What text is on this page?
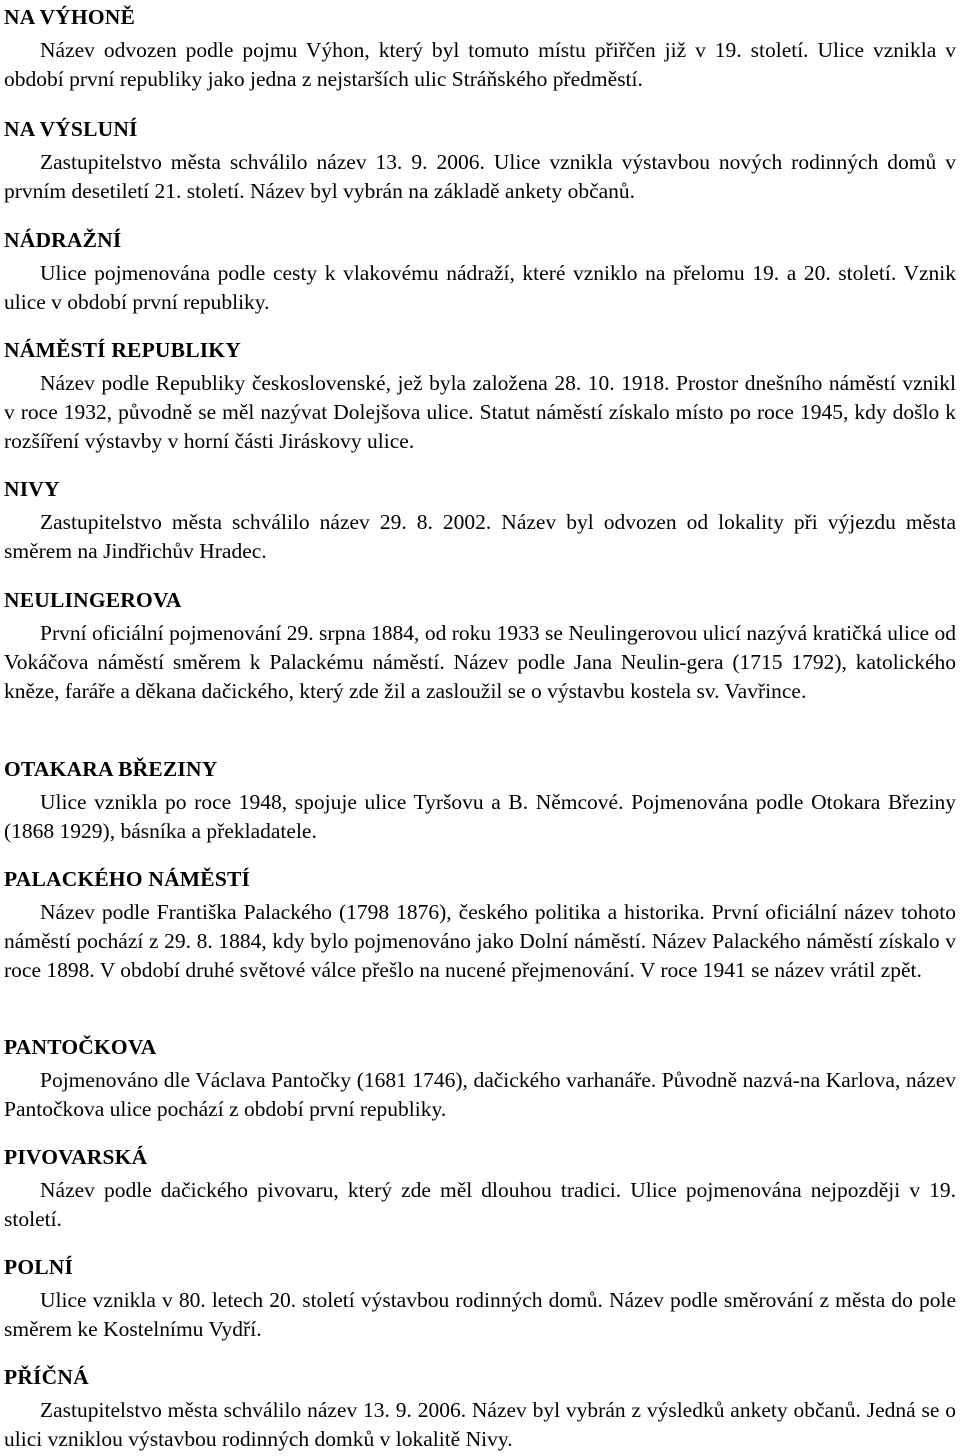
NA VÝHONĚ

Název odvozen podle pojmu Výhon, který byl tomuto místu přiřčen již v 19. století. Ulice vznikla v období první republiky jako jedna z nejstarších ulic Stráňského předměstí.

NA VÝSLUNÍ

Zastupitelstvo města schválilo název 13. 9. 2006. Ulice vznikla výstavbou nových rodinných domů v prvním desetiletí 21. století. Název byl vybrán na základě ankety občanů.

NÁDRAŽNÍ

Ulice pojmenována podle cesty k vlakovému nádraží, které vzniklo na přelomu 19. a 20. století. Vznik ulice v období první republiky.

NÁMĚSTÍ REPUBLIKY

Název podle Republiky československé, jež byla založena 28. 10. 1918. Prostor dnešního náměstí vznikl v roce 1932, původně se měl nazývat Dolejšova ulice. Statut náměstí získalo místo po roce 1945, kdy došlo k rozšíření výstavby v horní části Jiráskovy ulice.

NIVY

Zastupitelstvo města schválilo název 29. 8. 2002. Název byl odvozen od lokality při výjezdu města směrem na Jindřichův Hradec.

NEULINGEROVA

První oficiální pojmenování 29. srpna 1884, od roku 1933 se Neulingerovou ulicí nazývá kratičká ulice od Vokáčova náměstí směrem k Palackému náměstí. Název podle Jana Neulin-gera (1715 1792), katolického kněze, faráře a děkana dačického, který zde žil a zasloužil se o výstavbu kostela sv. Vavřince.

OTAKARA BŘEZINY

Ulice vznikla po roce 1948, spojuje ulice Tyršovu a B. Němcové. Pojmenována podle Otokara Březiny (1868 1929), básníka a překladatele.

PALACKÉHO NÁMĚSTÍ

Název podle Františka Palackého (1798 1876), českého politika a historika. První oficiální název tohoto náměstí pochází z 29. 8. 1884, kdy bylo pojmenováno jako Dolní náměstí. Název Palackého náměstí získalo v roce 1898. V období druhé světové válce přešlo na nucené přejmenování. V roce 1941 se název vrátil zpět.

PANTOČKOVA

Pojmenováno dle Václava Pantočky (1681 1746), dačického varhanáře. Původně nazvá-na Karlova, název Pantočkova ulice pochází z období první republiky.

PIVOVARSKÁ

Název podle dačického pivovaru, který zde měl dlouhou tradici. Ulice pojmenována nejpozději v 19. století.

POLNÍ

Ulice vznikla v 80. letech 20. století výstavbou rodinných domů. Název podle směrování z města do pole směrem ke Kostelnímu Vydří.

PŘÍČNÁ

Zastupitelstvo města schválilo název 13. 9. 2006. Název byl vybrán z výsledků ankety občanů. Jedná se o ulici vzniklou výstavbou rodinných domků v lokalitě Nivy.
